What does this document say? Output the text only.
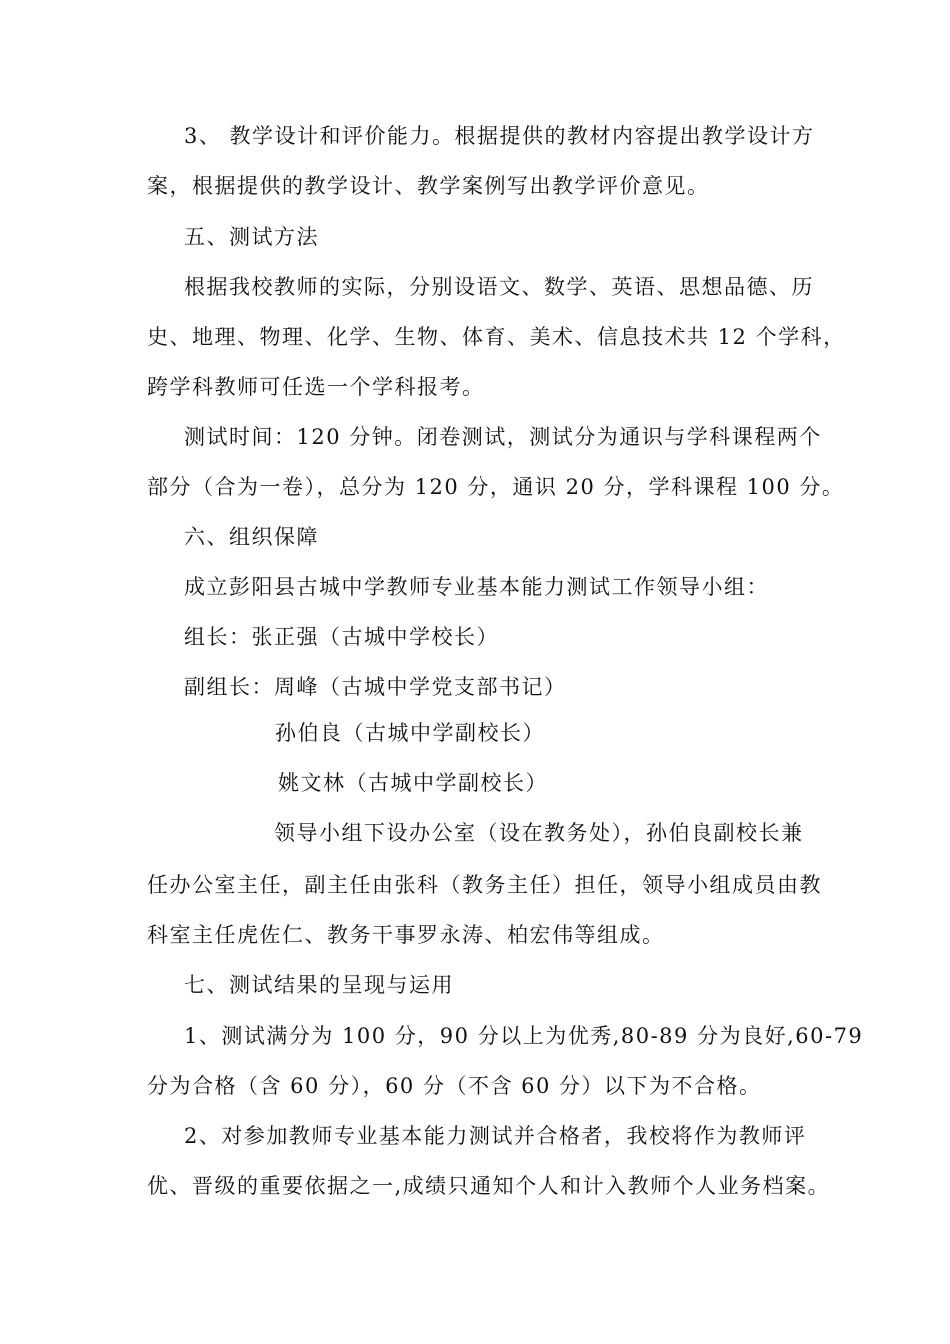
3、 教学设计和评价能力。根据提供的教材内容提出教学设计方
案，根据提供的教学设计、教学案例写出教学评价意见。
五、测试方法
根据我校教师的实际，分别设语文、数学、英语、思想品德、历
史、地理、物理、化学、生物、体育、美术、信息技术共 12 个学科，
跨学科教师可任选一个学科报考。
测试时间：120 分钟。闭卷测试，测试分为通识与学科课程两个
部分（合为一卷），总分为 120 分，通识 20 分，学科课程 100 分。
六、组织保障
成立彭阳县古城中学教师专业基本能力测试工作领导小组：
组长：张正强（古城中学校长）
副组长：周峰（古城中学党支部书记）
孙伯良（古城中学副校长）
姚文林（古城中学副校长）
领导小组下设办公室（设在教务处），孙伯良副校长兼
任办公室主任，副主任由张科（教务主任）担任，领导小组成员由教
科室主任虎佐仁、教务干事罗永涛、柏宏伟等组成。
七、测试结果的呈现与运用
1、测试满分为 100 分，90 分以上为优秀,80-89 分为良好,60-79
分为合格（含 60 分），60 分（不含 60 分）以下为不合格。
2、对参加教师专业基本能力测试并合格者，我校将作为教师评
优、晋级的重要依据之一,成绩只通知个人和计入教师个人业务档案。
